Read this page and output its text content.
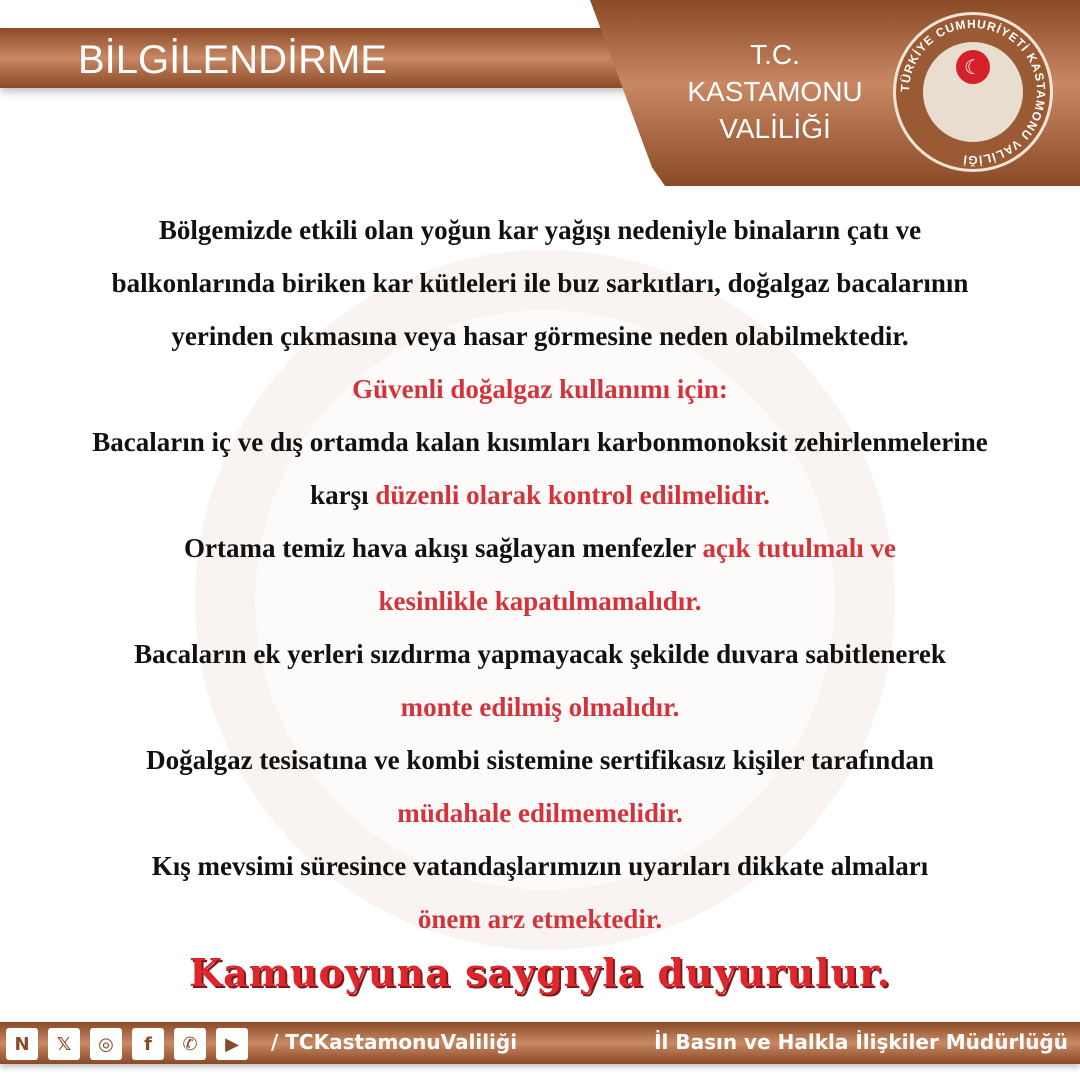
BİLGİLENDİRME	T.C.
KASTAMONU
VALİLİĞİ
☾
TÜRKİYE CUMHURİYETİ KASTAMONU VALİLİĞİ
Bölgemizde etkili olan yoğun kar yağışı nedeniyle binaların çatı ve
balkonlarında biriken kar kütleleri ile buz sarkıtları, doğalgaz bacalarının
yerinden çıkmasına veya hasar görmesine neden olabilmektedir.
Güvenli doğalgaz kullanımı için:
Bacaların iç ve dış ortamda kalan kısımları karbonmonoksit zehirlenmelerine
karşı düzenli olarak kontrol edilmelidir.
Ortama temiz hava akışı sağlayan menfezler açık tutulmalı ve
kesinlikle kapatılmamalıdır.
Bacaların ek yerleri sızdırma yapmayacak şekilde duvara sabitlenerek
monte edilmiş olmalıdır.
Doğalgaz tesisatına ve kombi sistemine sertifikasız kişiler tarafından
müdahale edilmemelidir.
Kış mevsimi süresince vatandaşlarımızın uyarıları dikkate almaları
önem arz etmektedir.
Kamuoyuna saygıyla duyurulur.
N	𝕏	◎	f	✆	▶	/ TCKastamonuValiliği	İl Basın ve Halkla İlişkiler Müdürlüğü
